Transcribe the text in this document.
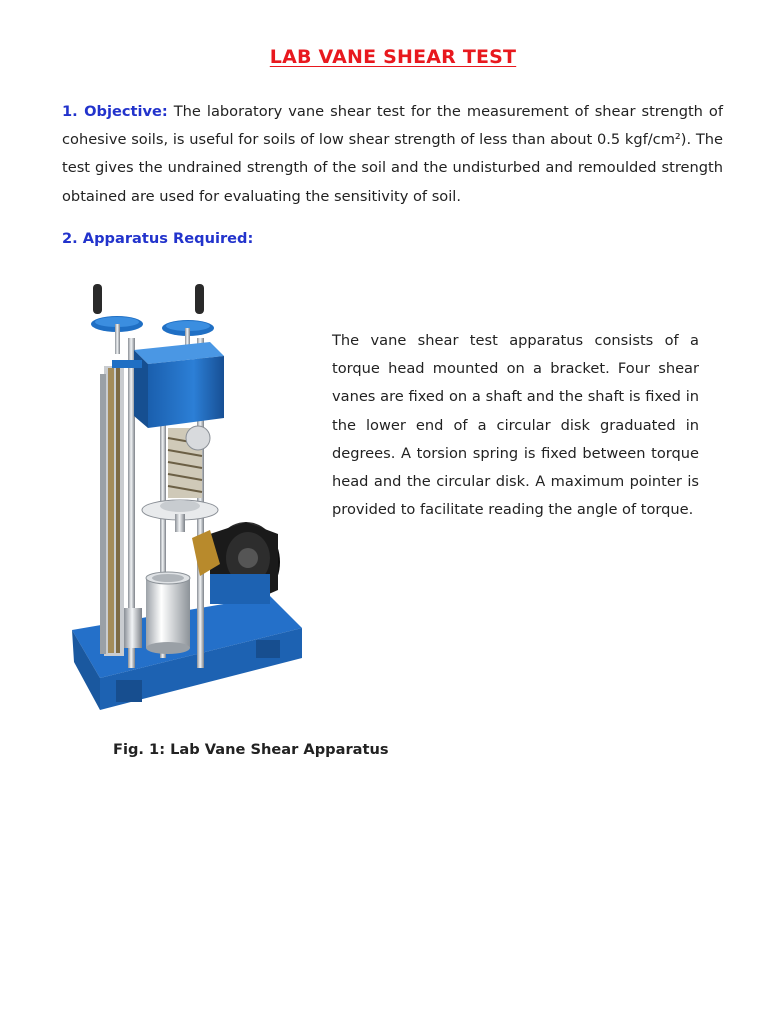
LAB VANE SHEAR TEST

1. Objective: The laboratory vane shear test for the measurement of shear strength of cohesive soils, is useful for soils of low shear strength of less than about 0.5 kgf/cm²). The test gives the undrained strength of the soil and the undisturbed and remoulded strength obtained are used for evaluating the sensitivity of soil.

2. Apparatus Required:

The vane shear test apparatus consists of a torque head mounted on a bracket. Four shear vanes are fixed on a shaft and the shaft is fixed in the lower end of a circular disk graduated in degrees. A torsion spring is fixed between torque head and the circular disk. A maximum pointer is provided to facilitate reading the angle of torque.

Fig. 1: Lab Vane Shear Apparatus
